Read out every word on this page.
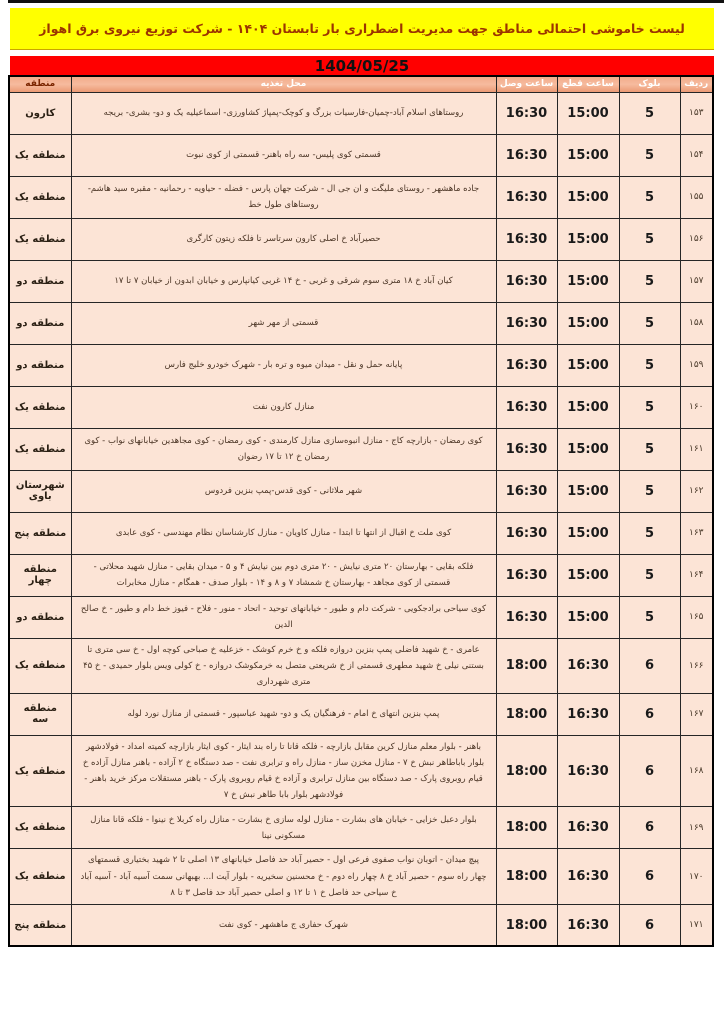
لیست خاموشی احتمالی مناطق جهت مدیریت اضطراری بار تابستان ۱۴۰۴ - شرکت توزیع نیروی برق اهواز
1404/05/25
ردیف	بلوک	ساعت قطع	ساعت وصل	محل تغذیه	منطقه
۱۵۳	5	15:00	16:30	روستاهای اسلام آباد-چمیان-فارسیات بزرگ و کوچک-پمپاژ کشاورزی- اسماعیلیه یک و دو- بشری- بریجه	کارون
۱۵۴	5	15:00	16:30	قسمتی کوی پلیس- سه راه باهنر- قسمتی از کوی نبوت	منطقه یک
۱۵۵	5	15:00	16:30	جاده ماهشهر - روستای ملیگت و ان جی ال - شرکت جهان پارس - فضله - حیاویه - رحمانیه - مقبره سید هاشم- روستاهای طول خط	منطقه یک
۱۵۶	5	15:00	16:30	حصیرآباد خ اصلی کارون سرتاسر تا فلکه زیتون کارگری	منطقه یک
۱۵۷	5	15:00	16:30	کیان آباد خ ۱۸ متری سوم شرقی و غربی - خ ۱۴ غربی کیانپارس و خیابان ابدون از خیابان ۷ تا ۱۷	منطقه دو
۱۵۸	5	15:00	16:30	قسمتی از مهر شهر	منطقه دو
۱۵۹	5	15:00	16:30	پایانه حمل و نقل - میدان میوه و تره بار - شهرک خودرو خلیج فارس	منطقه دو
۱۶۰	5	15:00	16:30	منازل کارون نفت	منطقه یک
۱۶۱	5	15:00	16:30	کوی رمضان - بازارچه کاج - منازل انبوه‌سازی منازل کارمندی - کوی رمضان - کوی مجاهدین خیابانهای نواب - کوی رمضان خ ۱۲ تا ۱۷ رضوان	منطقه یک
۱۶۲	5	15:00	16:30	شهر ملاثانی - کوی قدس-پمپ بنزین فردوس	شهرستان باوی
۱۶۳	5	15:00	16:30	کوی ملت خ اقبال از انتها تا ابتدا - منازل کاویان - منازل کارشناسان نظام مهندسی - کوی عابدی	منطقه پنج
۱۶۴	5	15:00	16:30	فلکه بقایی - بهارستان ۲۰ متری نیایش - ۲۰ متری دوم بین نیایش ۴ و ۵ - میدان بقایی - منازل شهید محلاتی - قسمتی از کوی مجاهد - بهارستان خ شمشاد ۷ و ۸ و ۱۴ - بلوار صدف - همگام - منازل مخابرات	منطقه چهار
۱۶۵	5	15:00	16:30	کوی سیاحی برادجکویی - شرکت دام و طیور - خیابانهای توحید - اتحاد - منور - فلاح - فیوز خط دام و طیور - خ صالح الدین	منطقه دو
۱۶۶	6	16:30	18:00	عامری - خ شهید فاضلی پمپ بنزین دروازه فلکه و خ خرم کوشک - خزعلیه خ صباحی کوچه اول - خ سی متری تا بستنی نیلی خ شهید مطهری قسمتی از خ شریعتی متصل به خرمکوشک دروازه - خ کولی ویس بلوار حمیدی - خ ۴۵ متری شهرداری	منطقه یک
۱۶۷	6	16:30	18:00	پمپ بنزین انتهای خ امام - فرهنگیان یک و دو- شهید عباسپور - قسمتی از منازل نورد لوله	منطقه سه
۱۶۸	6	16:30	18:00	باهنر - بلوار معلم منازل کرین مقابل بازارچه - فلکه قانا تا راه بند ایثار - کوی ایثار بازارچه کمیته امداد - فولادشهر بلوار باباطاهر نبش خ ۷ - منازل مخزن ساز - منازل راه و ترابری نفت - صد دستگاه خ ۲ آزاده - باهنر منازل آزاده خ قیام روبروی پارک - صد دستگاه بین منازل ترابری و آزاده خ قیام روبروی پارک - باهنر مستقلات مرکز خرید باهنر - فولادشهر بلوار بابا طاهر نبش خ ۷	منطقه یک
۱۶۹	6	16:30	18:00	بلوار دعبل خزایی - خیابان های بشارت - منازل لوله سازی خ بشارت - منازل راه کربلا خ نینوا - فلکه قانا منازل مسکونی نینا	منطقه یک
۱۷۰	6	16:30	18:00	پیچ میدان - اتوبان نواب صفوی فرعی اول - حصیر آباد حد فاصل خیابانهای ۱۳ اصلی تا ۲ شهید بختیاری قسمتهای چهار راه سوم - حصیر آباد خ ۸ چهار راه دوم - خ محسنین سخیریه - بلوار آیت ا... بهبهانی سمت آسیه آباد - آسیه آباد خ سیاحی حد فاصل خ ۱ تا ۱۲ و اصلی حصیر آباد حد فاصل ۳ تا ۸	منطقه یک
۱۷۱	6	16:30	18:00	شهرک حفاری ج ماهشهر - کوی نفت	منطقه پنج
